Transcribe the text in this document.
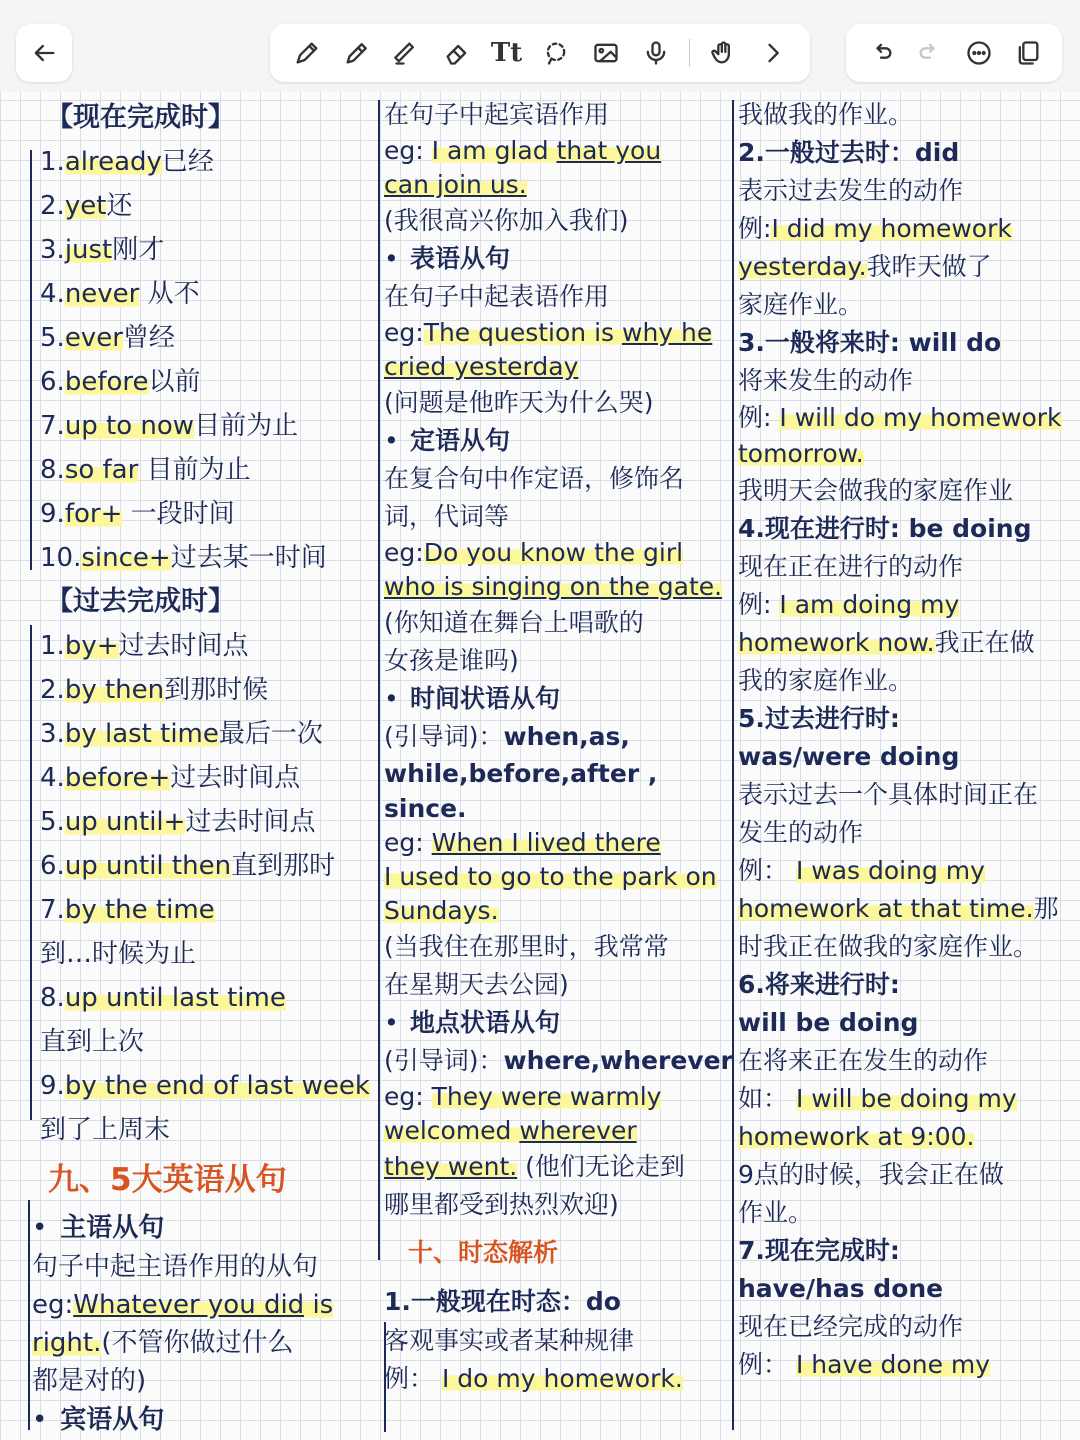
Tt
【现在完成时】
1.already已经
2.yet还
3.just刚才
4.never 从不
5.ever曾经
6.before以前
7.up to now目前为止
8.so far 目前为止
9.for+ 一段时间
10.since+过去某一时间
【过去完成时】
1.by+过去时间点
2.by then到那时候
3.by last time最后一次
4.before+过去时间点
5.up until+过去时间点
6.up until then直到那时
7.by the time
到…时候为止
8.up until last time
直到上次
9.by the end of last week
到了上周末
九、5大英语从句
• 主语从句
句子中起主语作用的从句
eg:Whatever you did is
right.(不管你做过什么
都是对的)
• 宾语从句
在句子中起宾语作用
eg: I am glad that you
can join us.
(我很高兴你加入我们)
• 表语从句
在句子中起表语作用
eg:The question is why he
cried yesterday
(问题是他昨天为什么哭)
• 定语从句
在复合句中作定语，修饰名
词，代词等
eg:Do you know the girl
who is singing on the gate.
(你知道在舞台上唱歌的
女孩是谁吗)
• 时间状语从句
(引导词)：when,as,
while,before,after ,
since.
eg: When I lived there
I used to go to the park on
Sundays.
(当我住在那里时，我常常
在星期天去公园)
• 地点状语从句
(引导词)：where,wherever
eg: They were warmly
welcomed wherever
they went. (他们无论走到
哪里都受到热烈欢迎)
十、时态解析
1.一般现在时态：do
客观事实或者某种规律
例： I do my homework.
我做我的作业。
2.一般过去时：did
表示过去发生的动作
例:I did my homework
yesterday.我昨天做了
家庭作业。
3.一般将来时: will do
将来发生的动作
例: I will do my homework
tomorrow.
我明天会做我的家庭作业
4.现在进行时: be doing
现在正在进行的动作
例: I am doing my
homework now.我正在做
我的家庭作业。
5.过去进行时:
was/were doing
表示过去一个具体时间正在
发生的动作
例： I was doing my
homework at that time.那
时我正在做我的家庭作业。
6.将来进行时:
will be doing
在将来正在发生的动作
如： I will be doing my
homework at 9:00.
9点的时候，我会正在做
作业。
7.现在完成时:
have/has done
现在已经完成的动作
例： I have done my
